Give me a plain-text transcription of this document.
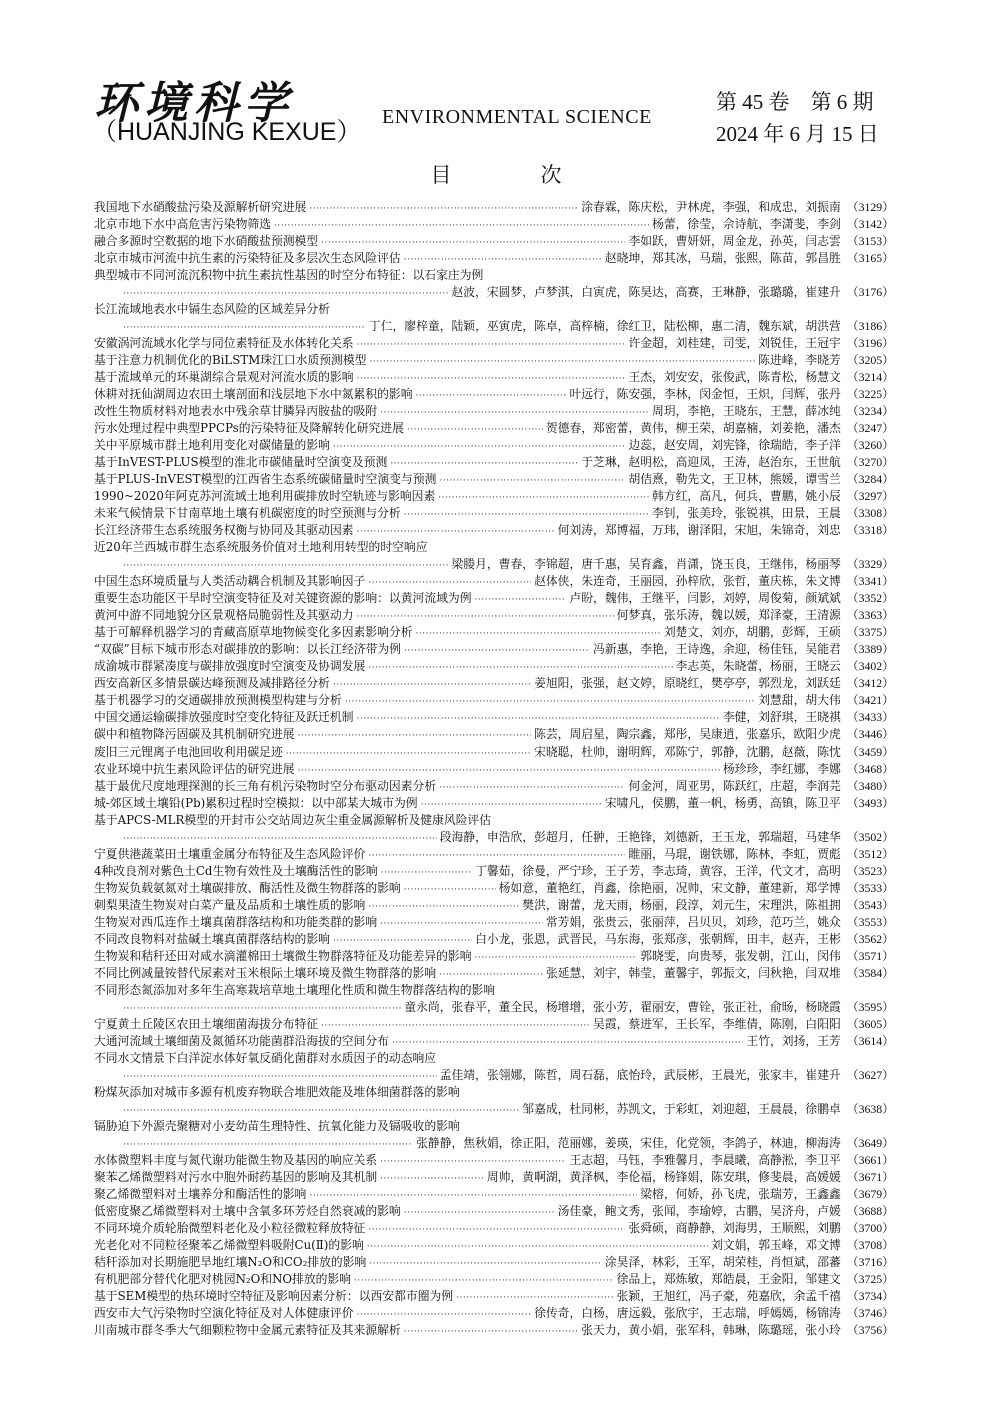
环境科学
（HUANJING KEXUE）
ENVIRONMENTAL SCIENCE
第 45 卷　第 6 期
2024 年 6 月 15 日
目　次
我国地下水硝酸盐污染及源解析研究进展 ·····	涂春霖，陈庆松，尹林虎，李强，和成忠，刘振南 （3129）
北京市地下水中高危害污染物筛选 ·····	杨蕾，徐莹，佘诗航，李潇斐，李剑 （3142）
融合多源时空数据的地下水硝酸盐预测模型 ·····	李如跃，曹妍妍，周金龙，孙英，闫志雲 （3153）
北京市城市河流中抗生素的污染特征及多层次生态风险评估 ·····	赵晓坤，郑其冰，马瑞，张熙，陈苗，郭昌胜 （3165）
典型城市不同河流沉积物中抗生素抗性基因的时空分布特征：以石家庄为例
·····
赵波，宋圆梦，卢梦淇，白寅虎，陈昊达，高赛，王琳静，张璐璐，崔建升 （3176）
长江流域地表水中镉生态风险的区域差异分析
·····
丁仁，廖梓童，陆颖，巫寅虎，陈卓，高梓楠，徐红卫，陆松柳，惠二清，魏东斌，胡洪营 （3186）
安徽涡河流域水化学与同位素特征及水体转化关系 ·····	许金超，刘桂建，司雯，刘锐佳，王冠宇 （3196）
基于注意力机制优化的BiLSTM珠江口水质预测模型 ·····	陈进峰，李晓芳 （3205）
基于流域单元的环巢湖综合景观对河流水质的影响 ·····	王杰，刘安安，张俊武，陈青松，杨慧文 （3214）
休耕对抚仙湖周边农田土壤剖面和浅层地下水中氮累积的影响 ·····	叶远行，陈安强，李林，闵金恒，王炽，闫辉，张丹 （3225）
改性生物质材料对地表水中残余草甘膦异丙胺盐的吸附 ·····	周玥，李艳，王晓东，王慧，薛冰纯 （3234）
污水处理过程中典型PPCPs的污染特征及降解转化研究进展 ·····	贺德春，郑密蕾，黄伟，柳王荣，胡嘉楠，刘姜艳，潘杰 （3247）
关中平原城市群土地利用变化对碳储量的影响 ·····	边蕊，赵安周，刘宪锋，徐瑞皓，李子洋 （3260）
基于InVEST-PLUS模型的淮北市碳储量时空演变及预测 ·····	于芝琳，赵明松，高迎凤，王涛，赵治东，王世航 （3270）
基于PLUS-InVEST模型的江西省生态系统碳储量时空演变与预测 ·····	胡佶熹，勒先文，王卫林，熊媛，谭雪兰 （3284）
1990~2020年阿克苏河流域土地利用碳排放时空轨迹与影响因素 ·····	韩方红，高凡，何兵，曹鹏，姚小辰 （3297）
未来气候情景下甘南草地土壤有机碳密度的时空预测与分析 ·····	李钊，张美玲，张锐祺，田景，王晨 （3308）
长江经济带生态系统服务权衡与协同及其驱动因素 ·····	何刘涛，郑博福，万玮，谢泽阳，宋旭，朱锦奇，刘忠 （3318）
近20年兰西城市群生态系统服务价值对土地利用转型的时空响应
·····
梁媵月，曹春，李锦超，唐千惠，吴育鑫，肖潇，饶玉良，王继伟，杨丽琴 （3329）
中国生态环境质量与人类活动耦合机制及其影响因子 ·····	赵体侠，朱连奇，王丽园，孙梓欣，张哲，董庆栋，朱文博 （3341）
重要生态功能区干旱时空演变特征及对关键资源的影响：以黄河流域为例 ·····	卢盼，魏伟，王继平，闫影，刘婷，周俊菊，颜斌斌 （3352）
黄河中游不同地貌分区景观格局脆弱性及其驱动力 ·····	何梦真，张乐涛，魏以媛，郑泽豪，王清源 （3363）
基于可解释机器学习的青藏高原草地物候变化多因素影响分析 ·····	刘楚文，刘亦，胡鹏，彭辉，王硕 （3375）
“双碳”目标下城市形态对碳排放的影响：以长江经济带为例 ·····	冯新惠，李艳，王诗逸，余迎，杨佳钰，吴能君 （3389）
成渝城市群紧凑度与碳排放强度时空演变及协调发展 ·····	李志英，朱晓蕾，杨丽，王晓云 （3402）
西安高新区多情景碳达峰预测及减排路径分析 ·····	姜旭阳，张强，赵文婷，原晓红，樊亭亭，郭烈龙，刘跃廷 （3412）
基于机器学习的交通碳排放预测模型构建与分析 ·····	刘慧甜，胡大伟 （3421）
中国交通运输碳排放强度时空变化特征及跃迁机制 ·····	李健，刘舒琪，王晓祺 （3433）
碳中和植物降污固碳及其机制研究进展 ·····	陈芸，周启星，陶宗鑫，郑彤，吴康逍，张嘉乐，欧阳少虎 （3446）
废旧三元锂离子电池回收利用碳足迹 ·····	宋晓聪，杜帅，谢明辉，邓陈宁，郭静，沈鹏，赵薇，陈忱 （3459）
农业环境中抗生素风险评估的研究进展 ·····	杨珍珍，李红娜，李娜 （3468）
基于最优尺度地理探测的长三角有机污染物时空分布驱动因素分析 ·····	何金河，周亚男，陈跃红，庄超，李润芫 （3480）
城-郊区域土壤铅(Pb)累积过程时空模拟：以中部某大城市为例 ·····	宋啸凡，侯鹏，董一帆，杨勇，高镇，陈卫平 （3493）
基于APCS-MLR模型的开封市公交站周边灰尘重金属源解析及健康风险评估
·····
段海静，申浩欣，彭超月，任翀，王艳锋，刘德新，王玉龙，郭瑞超，马建华 （3502）
宁夏供港蔬菜田土壤重金属分布特征及生态风险评价 ·····	睢丽，马琨，谢铁娜，陈林，李虹，贾彪 （3512）
4种改良剂对紫色土Cd生物有效性及土壤酶活性的影响 ·····	丁馨茹，徐曼，严宁珍，王子芳，李志琦，黄容，王洋，代文才，高明 （3523）
生物炭负载氨氮对土壤碳排放、酶活性及微生物群落的影响 ·····	杨如意，董艳红，肖鑫，徐艳丽，况帅，宋文静，董建新，郑学博 （3533）
刺梨果渣生物炭对白菜产量及品质和土壤性质的影响 ·····	樊洪，谢蕾，龙天雨，杨丽，段淳，刘元生，宋理洪，陈祖拥 （3543）
生物炭对西瓜连作土壤真菌群落结构和功能类群的影响 ·····	常芳娟，张贵云，张丽萍，吕贝贝，刘珍，范巧兰，姚众 （3553）
不同改良物料对盐碱土壤真菌群落结构的影响 ·····	白小龙，张恩，武晋民，马东海，张郑彦，张朝辉，田丰，赵卉，王彬 （3562）
生物炭和秸秆还田对咸水滴灌棉田土壤微生物群落特征及功能差异的影响 ·····	郭晓雯，向贵琴，张发朝，江山，闵伟 （3571）
不同比例减量铵替代尿素对玉米根际土壤环境及微生物群落的影响 ·····	张延慧，刘宇，韩莹，董馨宇，郭振文，闫秋艳，闫双堆 （3584）
不同形态氮添加对多年生高寒栽培草地土壤理化性质和微生物群落结构的影响
·····
童永尚，张春平，董全民，杨增增，张小芳，翟丽安，曹铨，张正社，俞旸，杨晓霞 （3595）
宁夏黄土丘陵区农田土壤细菌海拔分布特征 ·····	吴霞，蔡进军，王长军，李维倩，陈刚，白阳阳 （3605）
大通河流域土壤细菌及氮循环功能菌群沿海拔的空间分布 ·····	王竹，刘扬，王芳 （3614）
不同水文情景下白洋淀水体好氧反硝化菌群对水质因子的动态响应
·····
孟佳靖，张翎娜，陈哲，周石磊，底怡玲，武辰彬，王晨光，张家丰，崔建升 （3627）
粉煤灰添加对城市多源有机废弃物联合堆肥效能及堆体细菌群落的影响
·····
邹嘉成，杜同彬，苏凯文，于彩虹，刘迎超，王晨晨，徐鹏卓 （3638）
镉胁迫下外源壳聚糖对小麦幼苗生理特性、抗氧化能力及镉吸收的影响
·····
张静静，焦秋娟，徐正阳，范丽娜，姜瑛，宋佳，化党领，李鸽子，林迪，柳海涛 （3649）
水体微塑料丰度与氮代谢功能微生物及基因的响应关系 ·····	王志超，马钰，李雅馨月，李晨曦，高静淞，李卫平 （3661）
聚苯乙烯微塑料对污水中胞外耐药基因的影响及其机制 ·····	周帅，黄啊湖，黄泽枫，李伦福，杨锋娟，陈安琪，修斐晨，高媛媛 （3671）
聚乙烯微塑料对土壤养分和酶活性的影响 ·····	梁榕，何娇，孙飞虎，张瑞芳，王鑫鑫 （3679）
低密度聚乙烯微塑料对土壤中含氧多环芳烃自然衰减的影响 ·····	汤佳豪，鲍文秀，张闻，李瑜婷，古鹏，吴济舟，卢媛 （3688）
不同环境介质轮胎微塑料老化及小粒径微粒释放特征 ·····	张舜硕，商静静，刘海男，王顺熙，刘鹏 （3700）
光老化对不同粒径聚苯乙烯微塑料吸附Cu(Ⅱ)的影响 ·····	刘文娟，郭玉峰，邓文博 （3708）
秸秆添加对长期施肥旱地红壤N₂O和CO₂排放的影响 ·····	涂昊泽，林彩，王军，胡荣桂，肖恒斌，邵蕃 （3716）
有机肥部分替代化肥对桃园N₂O和NO排放的影响 ·····	徐品上，郑炼敏，郑皓晨，王金阳，邹建文 （3725）
基于SEM模型的热环境时空特征及影响因素分析：以西安都市圈为例 ·····	张颖，王旭红，冯子豪，苑嘉欣，余孟千禧 （3734）
西安市大气污染物时空演化特征及对人体健康评价 ·····	徐传奇，白杨，唐远毅，张欣宇，王志瑞，呼嫣嫣，杨锦涛 （3746）
川南城市群冬季大气细颗粒物中金属元素特征及其来源解析 ·····	张天力，黄小娟，张军科，韩琳，陈璐瑶，张小玲 （3756）
